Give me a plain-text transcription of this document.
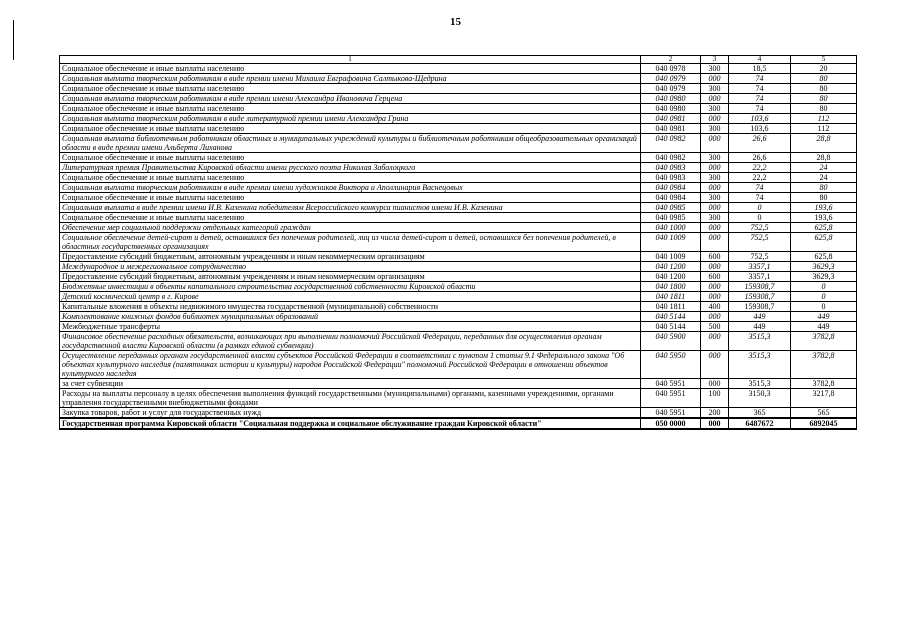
15
1	2	3	4	5
Социальное обеспечение и иные выплаты населению	040 0978	300	18,5	20
Социальная выплата творческим работникам в виде премии имени Михаила Евграфовича Салтыкова-Щедрина	040 0979	000	74	80
Социальное обеспечение и иные выплаты населению	040 0979	300	74	80
Социальная выплата творческим работникам в виде премии имени Александра Ивановича Герцена	040 0980	000	74	80
Социальное обеспечение и иные выплаты населению	040 0980	300	74	80
Социальная выплата творческим работникам в виде литературной премии имени Александра Грина	040 0981	000	103,6	112
Социальное обеспечение и иные выплаты населению	040 0981	300	103,6	112
Социальная выплата библиотечным работникам областных и муниципальных учреждений культуры и библиотечным работникам общеобразовательных организаций области в виде премии имени Альберта Лиханова	040 0982	000	26,6	28,8
Социальное обеспечение и иные выплаты населению	040 0982	300	26,6	28,8
Литературная премия Правительства Кировской области имени русского поэта Николая Заболоцкого	040 0983	000	22,2	24
Социальное обеспечение и иные выплаты населению	040 0983	300	22,2	24
Социальная выплата творческим работникам в виде премии имени художников Виктора и Аполлинария Васнецовых	040 0984	000	74	80
Социальное обеспечение и иные выплаты населению	040 0984	300	74	80
Социальная выплата в виде премии имени И.В. Казенина победителям Всероссийского конкурса пианистов имени И.В. Казенина	040 0985	000	0	193,6
Социальное обеспечение и иные выплаты населению	040 0985	300	0	193,6
Обеспечение мер социальной поддержки отдельных категорий граждан	040 1000	000	752,5	625,8
Социальное обеспечение детей-сирот и детей, оставшихся без попечения родителей, лиц из числа детей-сирот и детей, оставшихся без попечения родителей, в областных государственных организациях	040 1009	000	752,5	625,8
Предоставление субсидий бюджетным, автономным учреждениям и иным некоммерческим организациям	040 1009	600	752,5	625,8
Международное и межрегиональное сотрудничество	040 1200	000	3357,1	3629,3
Предоставление субсидий бюджетным, автономным учреждениям и иным некоммерческим организациям	040 1200	600	3357,1	3629,3
Бюджетные инвестиции в объекты капитального строительства государственной собственности Кировской области	040 1800	000	159308,7	0
Детский космический центр в г. Кирове	040 1811	000	159308,7	0
Капитальные вложения в объекты недвижимого имущества государственной (муниципальной) собственности	040 1811	400	159308,7	0
Комплектование книжных фондов библиотек муниципальных образований	040 5144	000	449	449
Межбюджетные трансферты	040 5144	500	449	449
Финансовое обеспечение расходных обязательств, возникающих при выполнении полномочий Российской Федерации, переданных для осуществления органам государственной власти Кировской области (в рамках единой субвенции)	040 5900	000	3515,3	3782,8
Осуществление переданных органам государственной власти субъектов Российской Федерации в соответствии с пунктом 1 статьи 9.1 Федерального закона "Об объектах культурного наследия (памятниках истории и культуры) народов Российской Федерации" полномочий Российской Федерации в отношении объектов культурного наследия	040 5950	000	3515,3	3782,8
за счет субвенции	040 5951	000	3515,3	3782,8
Расходы на выплаты персоналу в целях обеспечения выполнения функций государственными (муниципальными) органами, казенными учреждениями, органами управления государственными внебюджетными фондами	040 5951	100	3150,3	3217,8
Закупка товаров, работ и услуг для государственных нужд	040 5951	200	365	565
Государственная программа Кировской области "Социальная поддержка и социальное обслуживание граждан Кировской области"	050 0000	000	6487672	6892045
